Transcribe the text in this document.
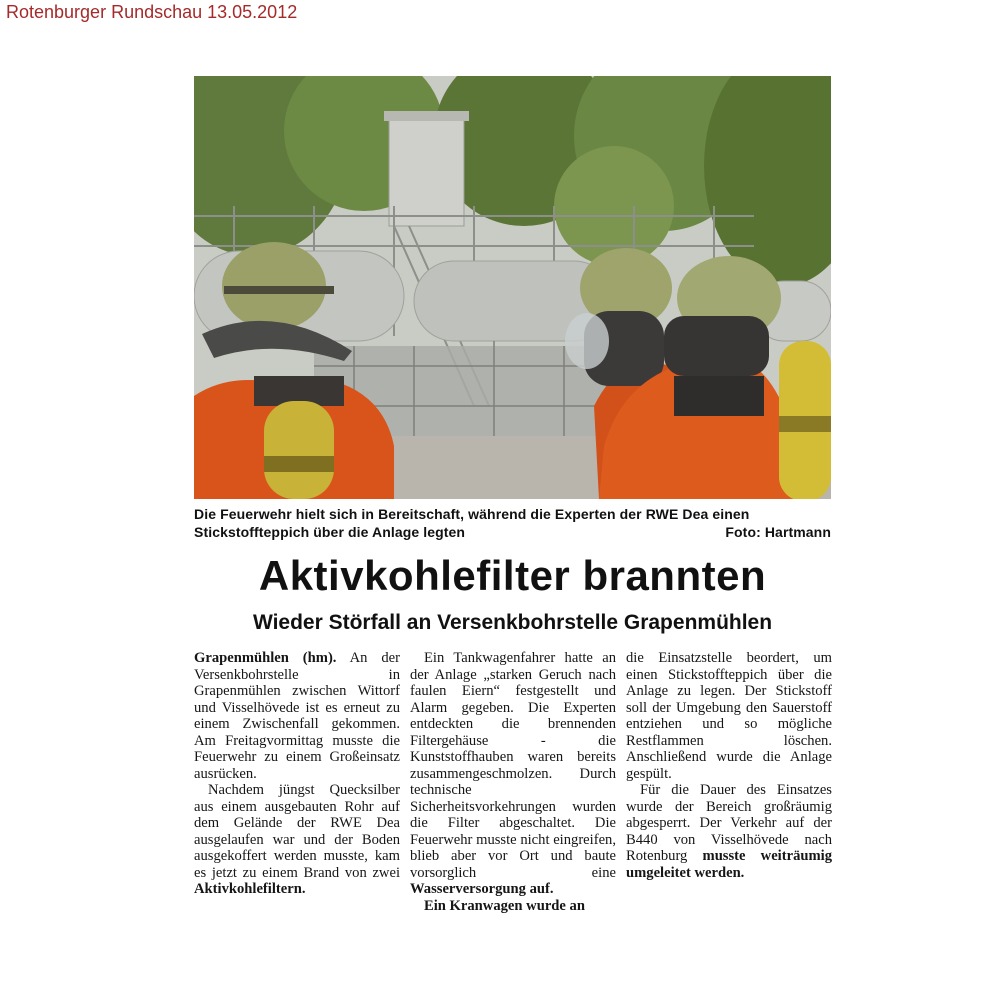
Rotenburger Rundschau 13.05.2012
Die Feuerwehr hielt sich in Bereitschaft, während die Experten der RWE Dea einen Stickstoffteppich über die Anlage legten	Foto: Hartmann
Aktivkohlefilter brannten
Wieder Störfall an Versenkbohrstelle Grapenmühlen

Grapenmühlen (hm). An der Versenkbohrstelle in Grapenmühlen zwischen Wittorf und Visselhövede ist es erneut zu einem Zwischenfall gekommen. Am Freitagvormittag musste die Feuerwehr zu einem Großeinsatz ausrücken.

Nachdem jüngst Quecksilber aus einem ausgebauten Rohr auf dem Gelände der RWE Dea ausgelaufen war und der Boden ausgekoffert werden musste, kam es jetzt zu einem Brand von zwei Aktivkohlefiltern.

Ein Tankwagenfahrer hatte an der Anlage „starken Geruch nach faulen Eiern“ festgestellt und Alarm gegeben. Die Experten entdeckten die brennenden Filtergehäuse - die Kunststoffhauben waren bereits zusammengeschmolzen. Durch technische Sicherheitsvorkehrungen wurden die Filter abgeschaltet. Die Feuerwehr musste nicht eingreifen, blieb aber vor Ort und baute vorsorglich eine Wasserversorgung auf.

Ein Kranwagen wurde an

die Einsatzstelle beordert, um einen Stickstoffteppich über die Anlage zu legen. Der Stickstoff soll der Umgebung den Sauerstoff entziehen und so mögliche Restflammen löschen. Anschließend wurde die Anlage gespült.

Für die Dauer des Einsatzes wurde der Bereich großräumig abgesperrt. Der Verkehr auf der B440 von Visselhövede nach Rotenburg musste weiträumig umgeleitet werden.
